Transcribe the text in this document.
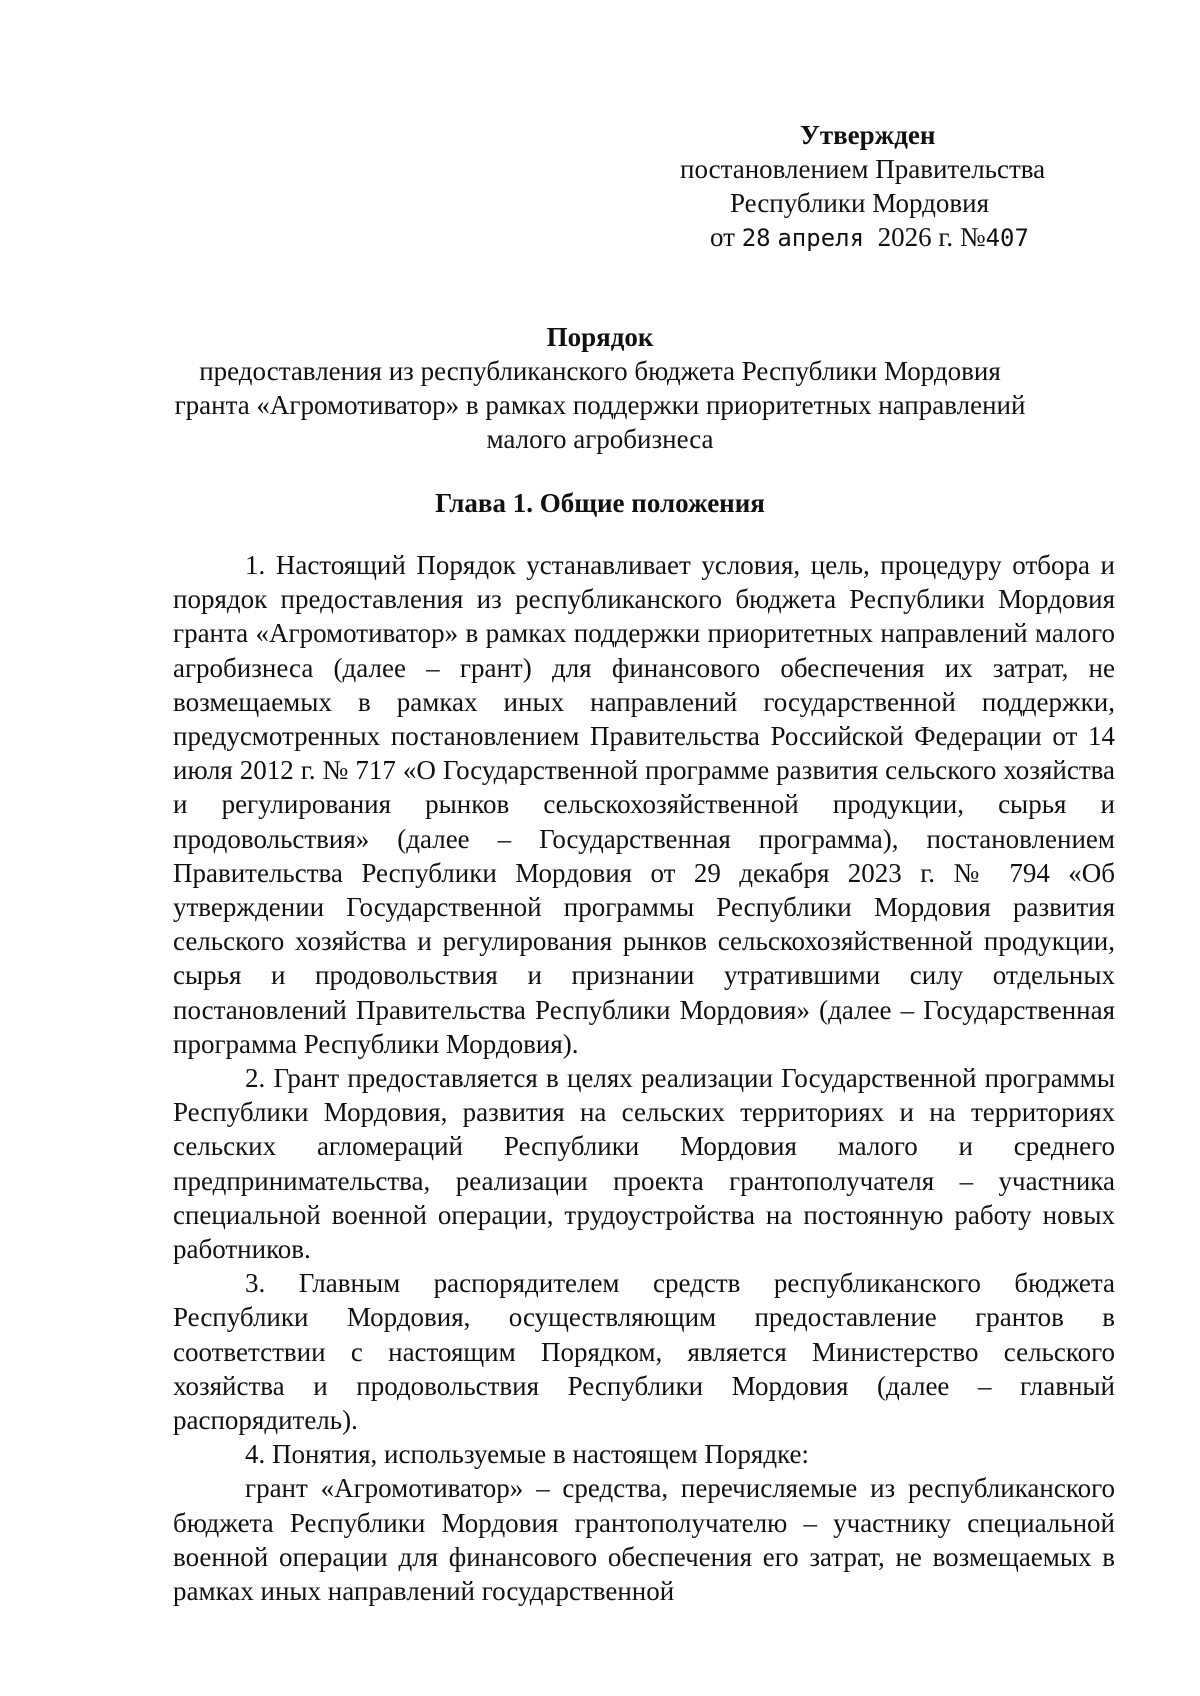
Утвержден
постановлением Правительства
Республики Мордовия
от 28 апреля 2026 г. №407
Порядок
предоставления из республиканского бюджета Республики Мордовия
гранта «Агромотиватор» в рамках поддержки приоритетных направлений
малого агробизнеса
Глава 1. Общие положения

1. Настоящий Порядок устанавливает условия, цель, процедуру отбора и порядок предоставления из республиканского бюджета Республики Мордовия гранта «Агромотиватор» в рамках поддержки приоритетных направлений малого агробизнеса (далее – грант) для финансового обеспечения их затрат, не возмещаемых в рамках иных направлений государственной поддержки, предусмотренных постановлением Правительства Российской Федерации от 14 июля 2012 г. № 717 «О Государственной программе развития сельского хозяйства и регулирования рынков сельскохозяйственной продукции, сырья и продовольствия» (далее – Государственная программа), постановлением Правительства Республики Мордовия от 29 декабря 2023 г. № 794 «Об утверждении Государственной программы Республики Мордовия развития сельского хозяйства и регулирования рынков сельскохозяйственной продукции, сырья и продовольствия и признании утратившими силу отдельных постановлений Правительства Республики Мордовия» (далее – Государственная программа Республики Мордовия).

2. Грант предоставляется в целях реализации Государственной программы Республики Мордовия, развития на сельских территориях и на территориях сельских агломераций Республики Мордовия малого и среднего предпринимательства, реализации проекта грантополучателя – участника специальной военной операции, трудоустройства на постоянную работу новых работников.

3. Главным распорядителем средств республиканского бюджета Республики Мордовия, осуществляющим предоставление грантов в соответствии с настоящим Порядком, является Министерство сельского хозяйства и продовольствия Республики Мордовия (далее – главный распорядитель).

4. Понятия, используемые в настоящем Порядке:

грант «Агромотиватор» – средства, перечисляемые из республиканского бюджета Республики Мордовия грантополучателю – участнику специальной военной операции для финансового обеспечения его затрат, не возмещаемых в рамках иных направлений государственной
